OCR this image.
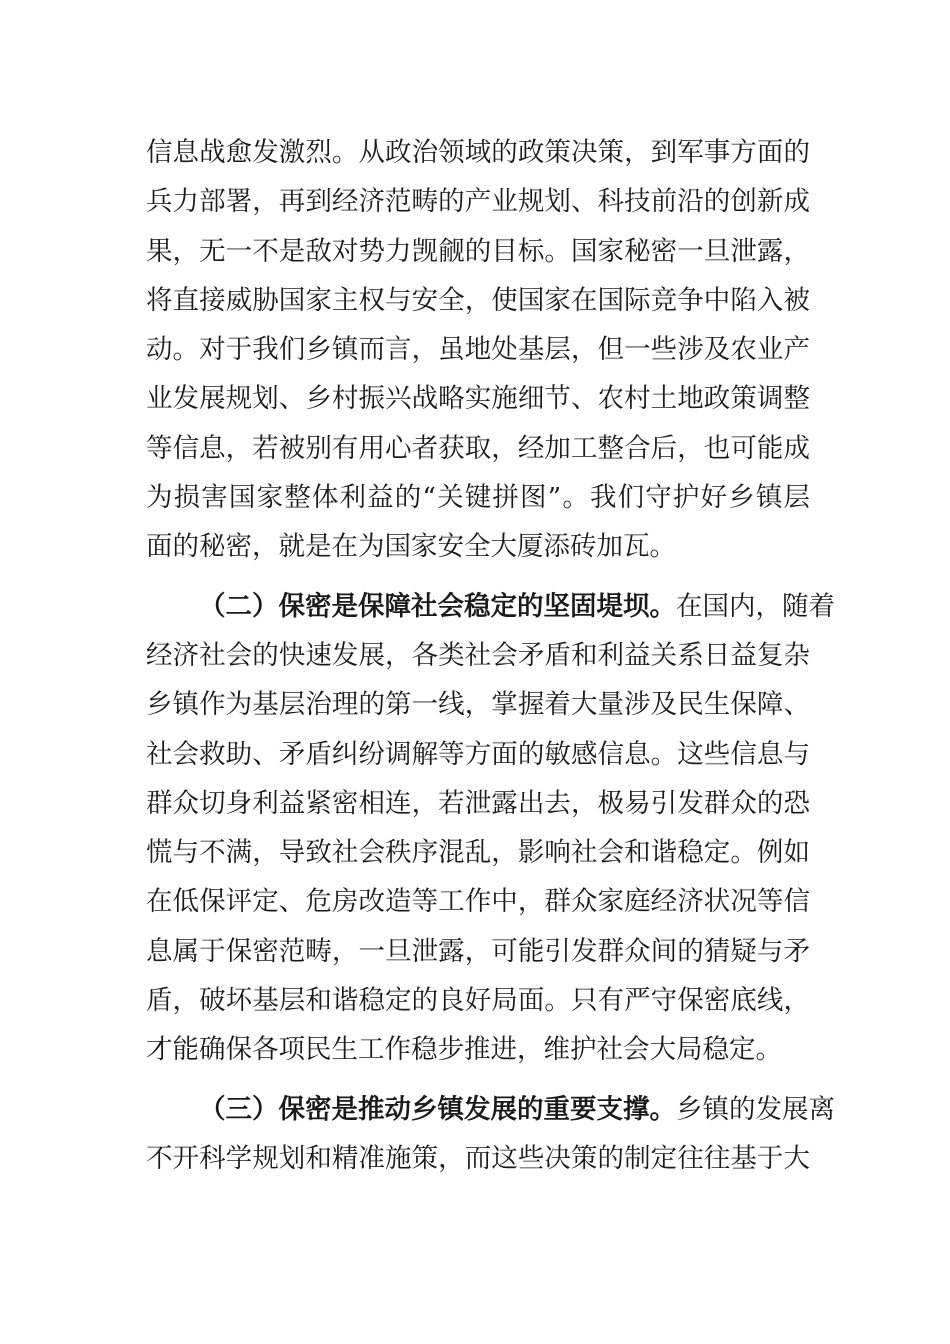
信息战愈发激烈。从政治领域的政策决策，到军事方面的
兵力部署，再到经济范畴的产业规划、科技前沿的创新成
果，无一不是敌对势力觊觎的目标。国家秘密一旦泄露，
将直接威胁国家主权与安全，使国家在国际竞争中陷入被
动。对于我们乡镇而言，虽地处基层，但一些涉及农业产
业发展规划、乡村振兴战略实施细节、农村土地政策调整
等信息，若被别有用心者获取，经加工整合后，也可能成
为损害国家整体利益的“关键拼图”。我们守护好乡镇层
面的秘密，就是在为国家安全大厦添砖加瓦。
（二）保密是保障社会稳定的坚固堤坝。在国内，随着
经济社会的快速发展，各类社会矛盾和利益关系日益复杂
乡镇作为基层治理的第一线，掌握着大量涉及民生保障、
社会救助、矛盾纠纷调解等方面的敏感信息。这些信息与
群众切身利益紧密相连，若泄露出去，极易引发群众的恐
慌与不满，导致社会秩序混乱，影响社会和谐稳定。例如
在低保评定、危房改造等工作中，群众家庭经济状况等信
息属于保密范畴，一旦泄露，可能引发群众间的猜疑与矛
盾，破坏基层和谐稳定的良好局面。只有严守保密底线，
才能确保各项民生工作稳步推进，维护社会大局稳定。
（三）保密是推动乡镇发展的重要支撑。乡镇的发展离
不开科学规划和精准施策，而这些决策的制定往往基于大
